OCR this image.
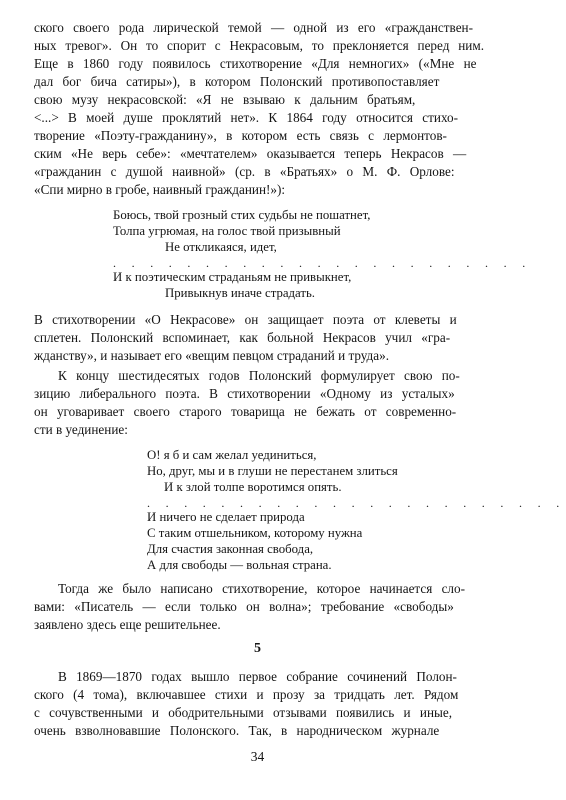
ского своего рода лирической темой — одной из его «гражданствен-
ных тревог». Он то спорит с Некрасовым, то преклоняется перед ним.
Еще в 1860 году появилось стихотворение «Для немногих» («Мне не
дал бог бича сатиры»), в котором Полонский противопоставляет
свою музу некрасовской: «Я не взываю к дальним братьям,
<...> В моей душе проклятий нет». К 1864 году относится стихо-
творение «Поэту-гражданину», в котором есть связь с лермонтов-
ским «Не верь себе»: «мечтателем» оказывается теперь Некрасов —
«гражданин с душой наивной» (ср. в «Братьях» о М. Ф. Орлове:
«Спи мирно в гробе, наивный гражданин!»):
Боюсь, твой грозный стих судьбы не пошатнет,
Толпа угрюмая, на голос твой призывный
Не откликаяся, идет,
. . . . . . . . . . . . . . . . . . . . . . .
И к поэтическим страданьям не привыкнет,
Привыкнув иначе страдать.
В стихотворении «О Некрасове» он защищает поэта от клеветы и
сплетен. Полонский вспоминает, как больной Некрасов учил «гра-
жданству», и называет его «вещим певцом страданий и труда».
К концу шестидесятых годов Полонский формулирует свою по-
зицию либерального поэта. В стихотворении «Одному из усталых»
он уговаривает своего старого товарища не бежать от современно-
сти в уединение:
О! я б и сам желал уединиться,
Но, друг, мы и в глуши не перестанем злиться
И к злой толпе воротимся опять.
. . . . . . . . . . . . . . . . . . . . . . .
И ничего не сделает природа
С таким отшельником, которому нужна
Для счастия законная свобода,
А для свободы — вольная страна.
Тогда же было написано стихотворение, которое начинается сло-
вами: «Писатель — если только он волна»; требование «свободы»
заявлено здесь еще решительнее.
5
В 1869—1870 годах вышло первое собрание сочинений Полон-
ского (4 тома), включавшее стихи и прозу за тридцать лет. Рядом
с сочувственными и ободрительными отзывами появились и иные,
очень взволновавшие Полонского. Так, в народническом журнале
34
